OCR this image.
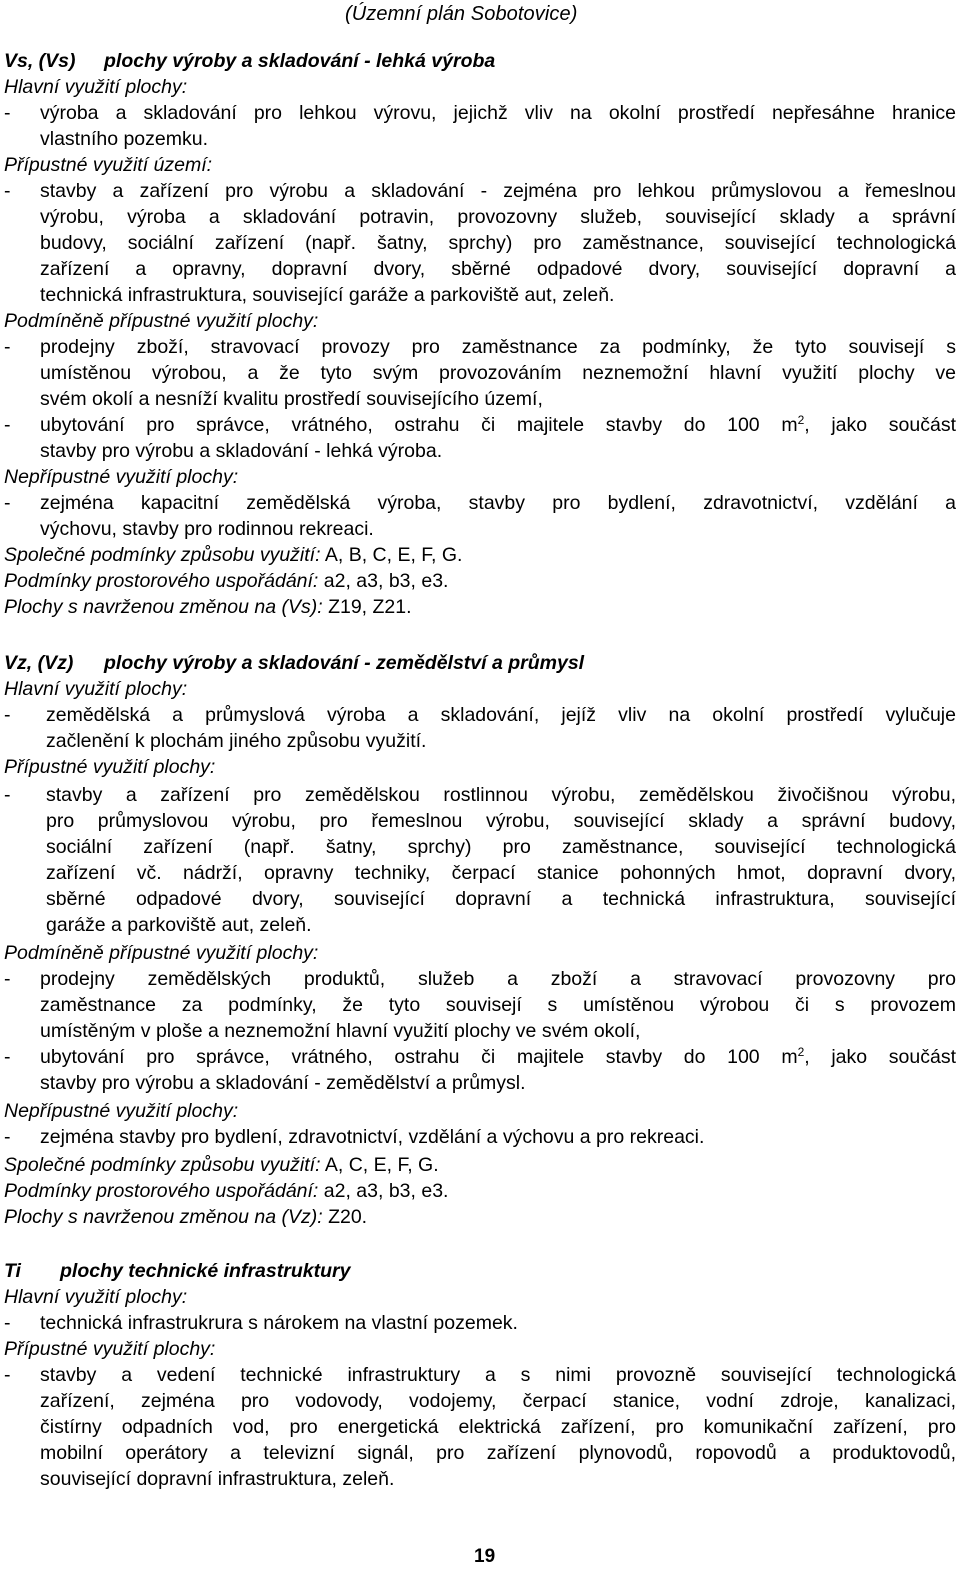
(Územní plán Sobotovice)
Vs, (Vs) plochy výroby a skladování - lehká výroba
Hlavní využití plochy:
- výroba a skladování pro lehkou výrovu, jejichž vliv na okolní prostředí nepřesáhne hranice
vlastního pozemku.
Přípustné využití území:
- stavby a zařízení pro výrobu a skladování - zejména pro lehkou průmyslovou a řemeslnou
výrobu, výroba a skladování potravin, provozovny služeb, související sklady a správní
budovy, sociální zařízení (např. šatny, sprchy) pro zaměstnance, související technologická
zařízení a opravny, dopravní dvory, sběrné odpadové dvory, související dopravní a
technická infrastruktura, související garáže a parkoviště aut, zeleň.
Podmíněně přípustné využití plochy:
- prodejny zboží, stravovací provozy pro zaměstnance za podmínky, že tyto souvisejí s
umístěnou výrobou, a že tyto svým provozováním neznemožní hlavní využití plochy ve
svém okolí a nesníží kvalitu prostředí souvisejícího území,
- ubytování pro správce, vrátného, ostrahu či majitele stavby do 100 $m^2$, jako součást
stavby pro výrobu a skladování - lehká výroba.
Nepřípustné využití plochy:
- zejména kapacitní zemědělská výroba, stavby pro bydlení, zdravotnictví, vzdělání a
výchovu, stavby pro rodinnou rekreaci.
Společné podmínky způsobu využití: A, B, C, E, F, G.
Podmínky prostorového uspořádání: a2, a3, b3, e3.
Plochy s navrženou změnou na (Vs): Z19, Z21.
Vz, (Vz) plochy výroby a skladování - zemědělství a průmysl
Hlavní využití plochy:
- zemědělská a průmyslová výroba a skladování, jejíž vliv na okolní prostředí vylučuje
začlenění k plochám jiného způsobu využití.
Přípustné využití plochy:
- stavby a zařízení pro zemědělskou rostlinnou výrobu, zemědělskou živočišnou výrobu,
pro průmyslovou výrobu, pro řemeslnou výrobu, související sklady a správní budovy,
sociální zařízení (např. šatny, sprchy) pro zaměstnance, související technologická
zařízení vč. nádrží, opravny techniky, čerpací stanice pohonných hmot, dopravní dvory,
sběrné odpadové dvory, související dopravní a technická infrastruktura, související
garáže a parkoviště aut, zeleň.
Podmíněně přípustné využití plochy:
- prodejny zemědělských produktů, služeb a zboží a stravovací provozovny pro
zaměstnance za podmínky, že tyto souvisejí s umístěnou výrobou či s provozem
umístěným v ploše a neznemožní hlavní využití plochy ve svém okolí,
- ubytování pro správce, vrátného, ostrahu či majitele stavby do 100 $m^2$, jako součást
stavby pro výrobu a skladování - zemědělství a průmysl.
Nepřípustné využití plochy:
- zejména stavby pro bydlení, zdravotnictví, vzdělání a výchovu a pro rekreaci.
Společné podmínky způsobu využití: A, C, E, F, G.
Podmínky prostorového uspořádání: a2, a3, b3, e3.
Plochy s navrženou změnou na (Vz): Z20.
Ti plochy technické infrastruktury
Hlavní využití plochy:
- technická infrastrukrura s nárokem na vlastní pozemek.
Přípustné využití plochy:
- stavby a vedení technické infrastruktury a s nimi provozně související technologická
zařízení, zejména pro vodovody, vodojemy, čerpací stanice, vodní zdroje, kanalizaci,
čistírny odpadních vod, pro energetická elektrická zařízení, pro komunikační zařízení, pro
mobilní operátory a televizní signál, pro zařízení plynovodů, ropovodů a produktovodů,
související dopravní infrastruktura, zeleň.
19
